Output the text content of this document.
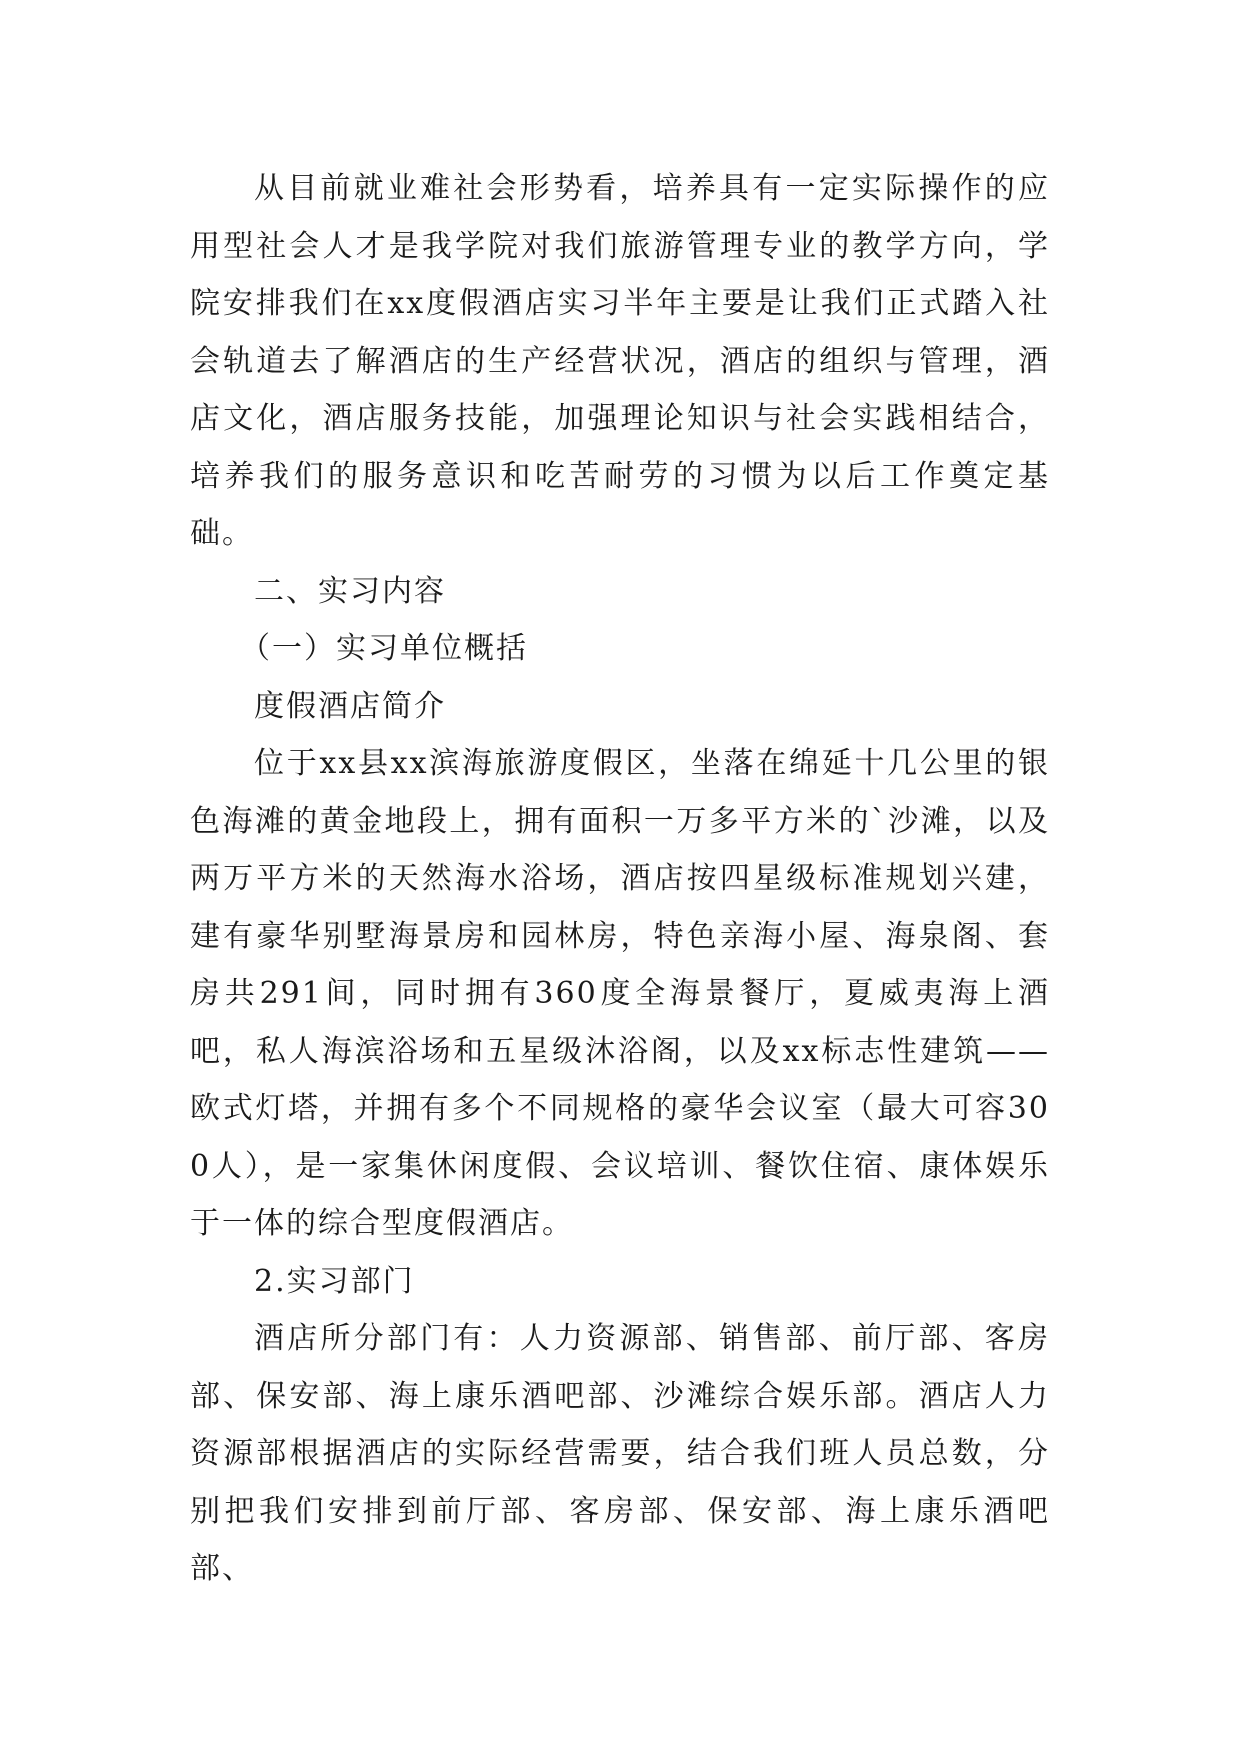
从目前就业难社会形势看，培养具有一定实际操作的应用型社会人才是我学院对我们旅游管理专业的教学方向，学院安排我们在xx度假酒店实习半年主要是让我们正式踏入社会轨道去了解酒店的生产经营状况，酒店的组织与管理，酒店文化，酒店服务技能，加强理论知识与社会实践相结合，培养我们的服务意识和吃苦耐劳的习惯为以后工作奠定基础。

二、实习内容

（一）实习单位概括

度假酒店简介

位于xx县xx滨海旅游度假区，坐落在绵延十几公里的银色海滩的黄金地段上，拥有面积一万多平方米的`沙滩，以及两万平方米的天然海水浴场，酒店按四星级标准规划兴建，建有豪华别墅海景房和园林房，特色亲海小屋、海泉阁、套房共291间，同时拥有360度全海景餐厅，夏威夷海上酒吧，私人海滨浴场和五星级沐浴阁，以及xx标志性建筑——欧式灯塔，并拥有多个不同规格的豪华会议室（最大可容300人），是一家集休闲度假、会议培训、餐饮住宿、康体娱乐于一体的综合型度假酒店。

2.实习部门

酒店所分部门有：人力资源部、销售部、前厅部、客房部、保安部、海上康乐酒吧部、沙滩综合娱乐部。酒店人力资源部根据酒店的实际经营需要，结合我们班人员总数，分别把我们安排到前厅部、客房部、保安部、海上康乐酒吧部、
